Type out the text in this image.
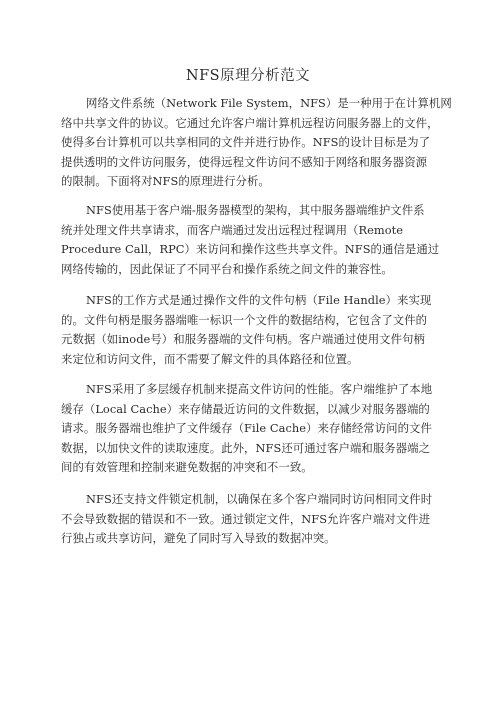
NFS原理分析范文
网络文件系统（Network File System，NFS）是一种用于在计算机网
络中共享文件的协议。它通过允许客户端计算机远程访问服务器上的文件，
使得多台计算机可以共享相同的文件并进行协作。NFS的设计目标是为了
提供透明的文件访问服务，使得远程文件访问不感知于网络和服务器资源
的限制。下面将对NFS的原理进行分析。
NFS使用基于客户端-服务器模型的架构，其中服务器端维护文件系
统并处理文件共享请求，而客户端通过发出远程过程调用（Remote
Procedure Call，RPC）来访问和操作这些共享文件。NFS的通信是通过
网络传输的，因此保证了不同平台和操作系统之间文件的兼容性。
NFS的工作方式是通过操作文件的文件句柄（File Handle）来实现
的。文件句柄是服务器端唯一标识一个文件的数据结构，它包含了文件的
元数据（如inode号）和服务器端的文件句柄。客户端通过使用文件句柄
来定位和访问文件，而不需要了解文件的具体路径和位置。
NFS采用了多层缓存机制来提高文件访问的性能。客户端维护了本地
缓存（Local Cache）来存储最近访问的文件数据，以减少对服务器端的
请求。服务器端也维护了文件缓存（File Cache）来存储经常访问的文件
数据，以加快文件的读取速度。此外，NFS还可通过客户端和服务器端之
间的有效管理和控制来避免数据的冲突和不一致。
NFS还支持文件锁定机制，以确保在多个客户端同时访问相同文件时
不会导致数据的错误和不一致。通过锁定文件，NFS允许客户端对文件进
行独占或共享访问，避免了同时写入导致的数据冲突。
